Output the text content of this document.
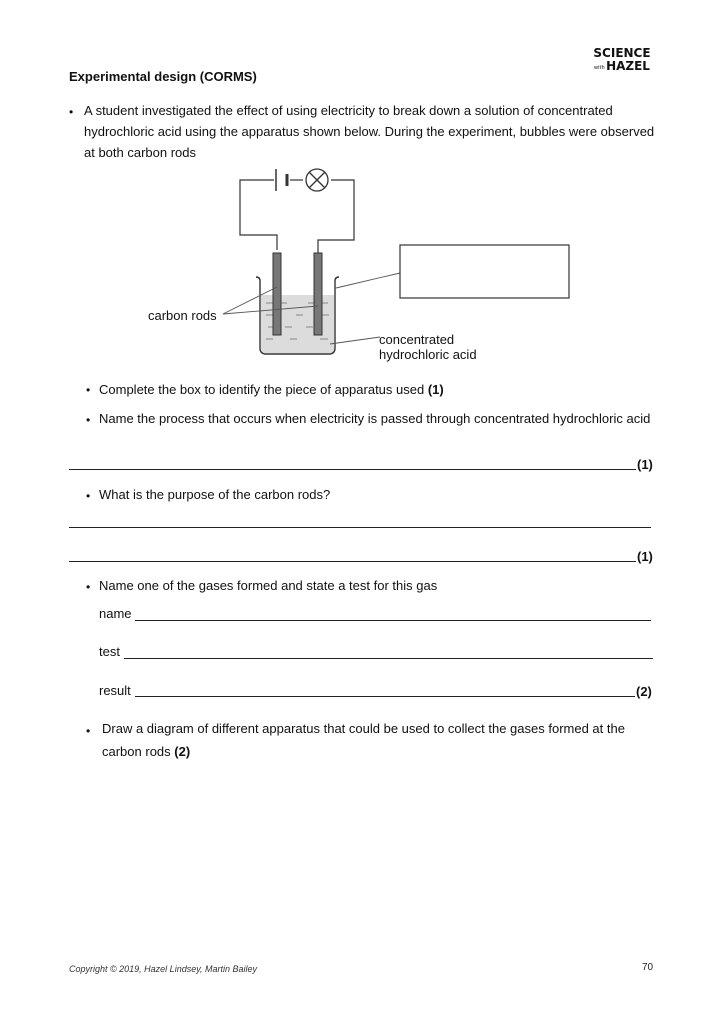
SCIENCE
with HAZEL
Experimental design (CORMS)
• A student investigated the effect of using electricity to break down a solution of concentrated hydrochloric acid using the apparatus shown below. During the experiment, bubbles were observed at both carbon rods
carbon rods
concentrated
hydrochloric acid
• Complete the box to identify the piece of apparatus used (1)
• Name the process that occurs when electricity is passed through concentrated hydrochloric acid
(1)
• What is the purpose of the carbon rods?
(1)
• Name one of the gases formed and state a test for this gas
name
test
result	(2)
• Draw a diagram of different apparatus that could be used to collect the gases formed at the carbon rods (2)
Copyright © 2019, Hazel Lindsey, Martin Bailey	70
